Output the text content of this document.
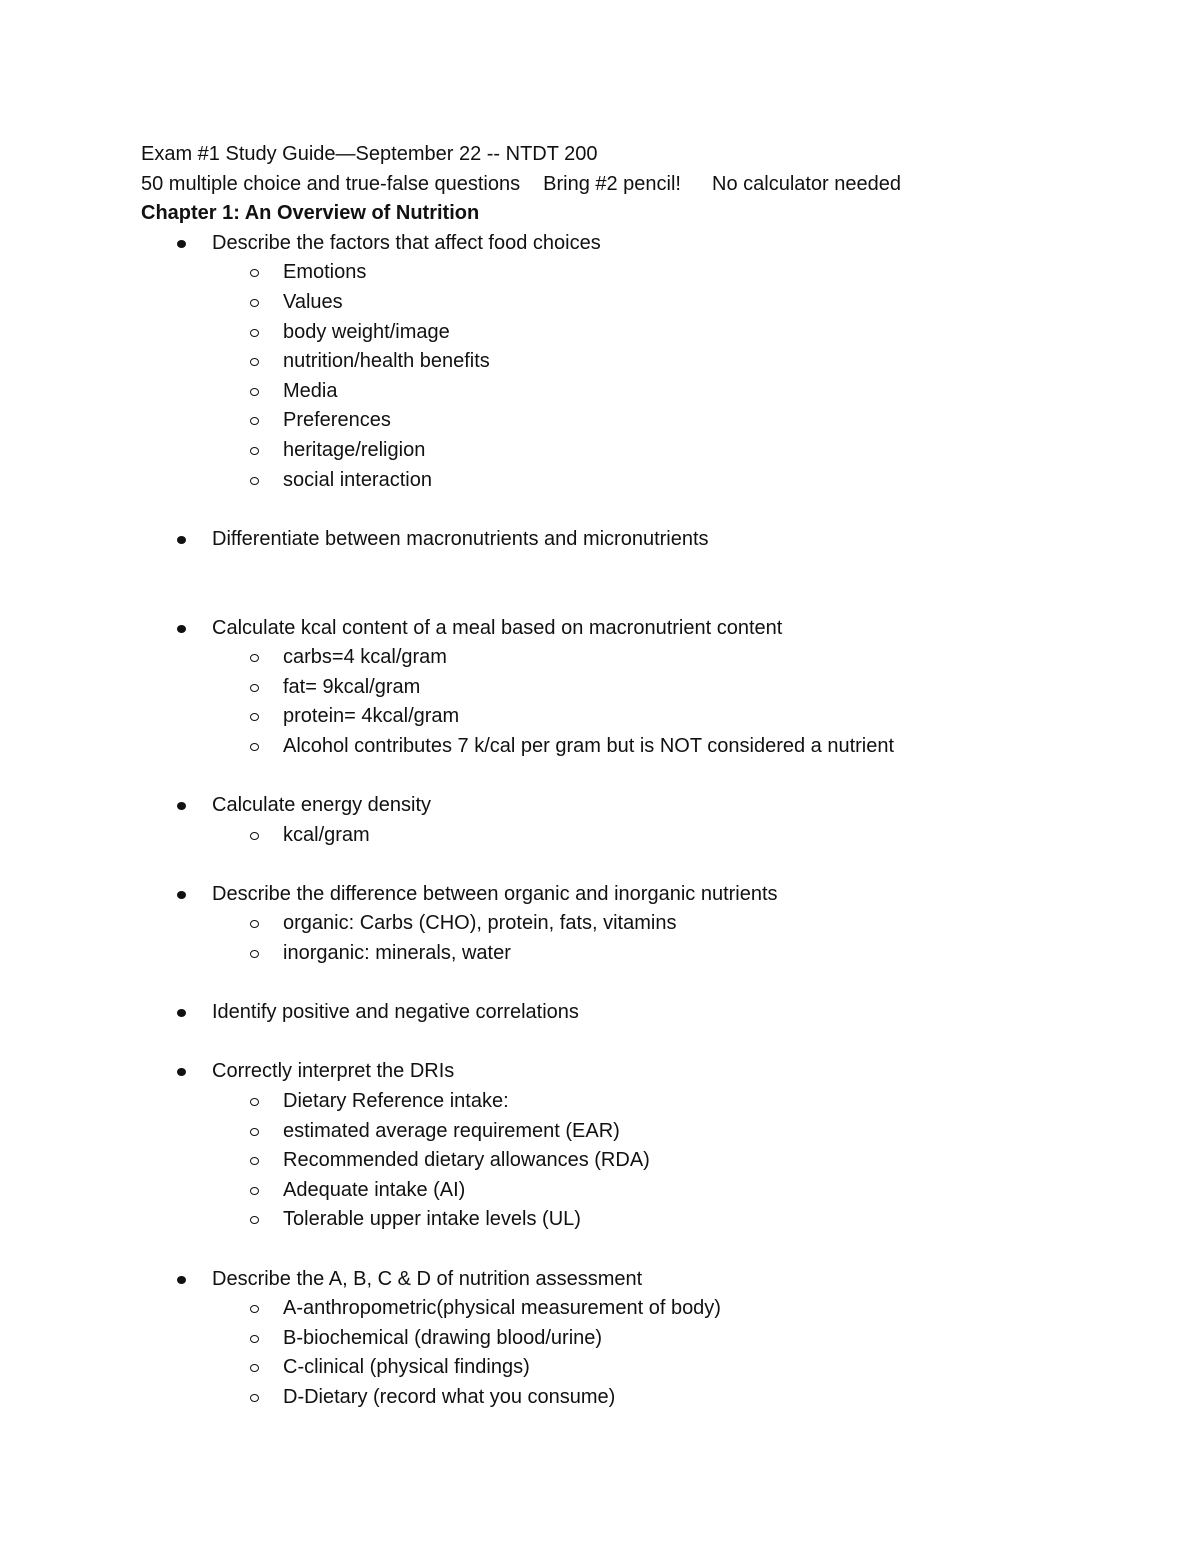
Exam #1 Study Guide—September 22 -- NTDT 200
50 multiple choice and true-false questions Bring #2 pencil! No calculator needed
Chapter 1: An Overview of Nutrition
Describe the factors that affect food choices
Emotions
Values
body weight/image
nutrition/health benefits
Media
Preferences
heritage/religion
social interaction
Differentiate between macronutrients and micronutrients
Calculate kcal content of a meal based on macronutrient content
carbs=4 kcal/gram
fat= 9kcal/gram
protein= 4kcal/gram
Alcohol contributes 7 k/cal per gram but is NOT considered a nutrient
Calculate energy density
kcal/gram
Describe the difference between organic and inorganic nutrients
organic: Carbs (CHO), protein, fats, vitamins
inorganic: minerals, water
Identify positive and negative correlations
Correctly interpret the DRIs
Dietary Reference intake:
estimated average requirement (EAR)
Recommended dietary allowances (RDA)
Adequate intake (AI)
Tolerable upper intake levels (UL)
Describe the A, B, C & D of nutrition assessment
A-anthropometric(physical measurement of body)
B-biochemical (drawing blood/urine)
C-clinical (physical findings)
D-Dietary (record what you consume)
